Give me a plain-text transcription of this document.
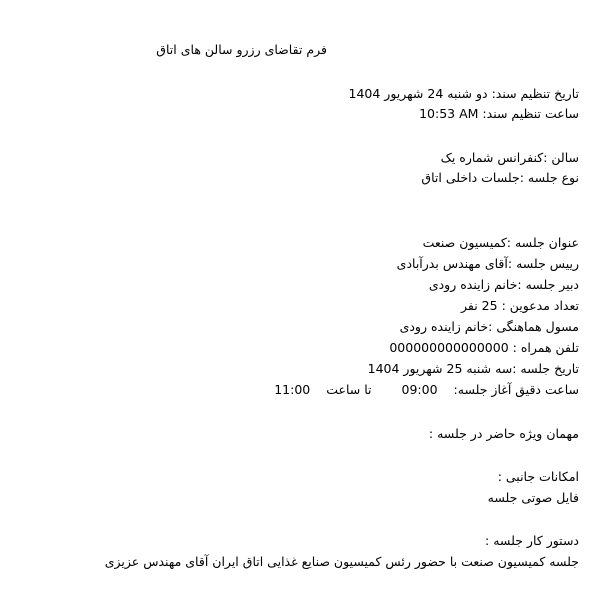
فرم تقاضای رزرو سالن های اتاق
تاریخ تنظیم سند: دو شنبه 24 شهریور 1404
ساعت تنظیم سند: 10:53 AM
سالن :کنفرانس شماره یک
نوع جلسه :جلسات داخلی اتاق
عنوان جلسه :کمیسیون صنعت
رییس جلسه :آقای مهندس بدرآبادی
دبیر جلسه :خانم زاینده رودی
تعداد مدعوین : 25 نفر
مسول هماهنگی :خانم زاینده رودی
تلفن همراه : 000000000000000
تاریخ جلسه :سه شنبه 25 شهریور 1404
ساعت دقیق آغاز جلسه: 09:00 تا ساعت 11:00
مهمان ویژه حاضر در جلسه :
امکانات جانبی :
فایل صوتی جلسه
دستور کار جلسه :
جلسه کمیسیون صنعت با حضور رئس کمیسیون صنایع غذایی اتاق ایران آقای مهندس عزیزی
